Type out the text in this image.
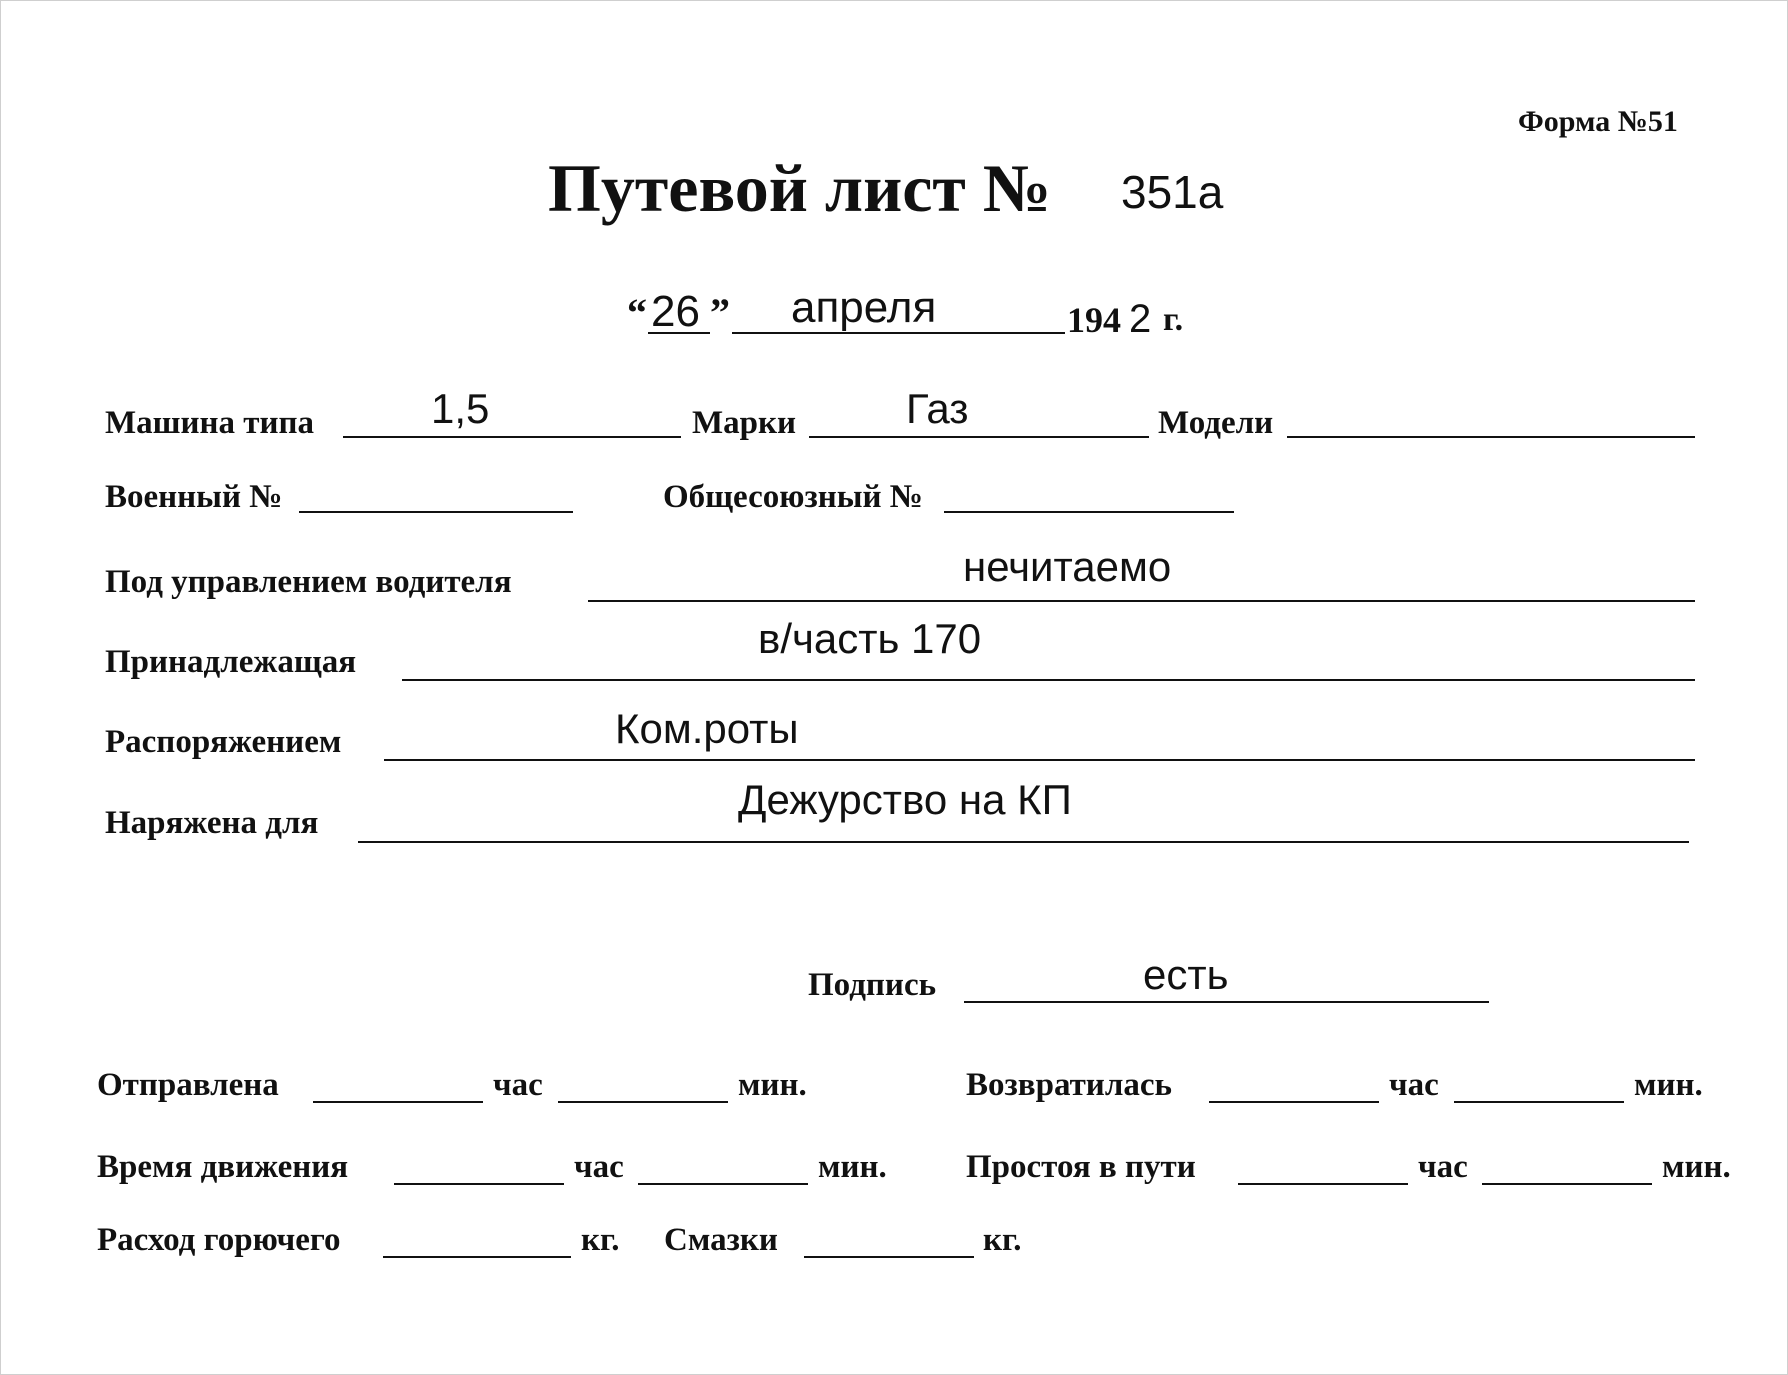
Форма №51
Путевой лист № 351а
“ 26 ” апреля	194 2 г.
Машина типа	1,5	Марки	Газ	Модели
Военный №	Общесоюзный №
Под управлением водителя	нечитаемо
Принадлежащая	в/часть 170
Распоряжением	Ком.роты
Наряжена для	Дежурство на КП
Подпись	есть
Отправлена	час	мин.	Возвратилась	час	мин.
Время движения	час	мин. Простоя в пути	час	мин.
Расход горючего	кг. Смазки	кг.
